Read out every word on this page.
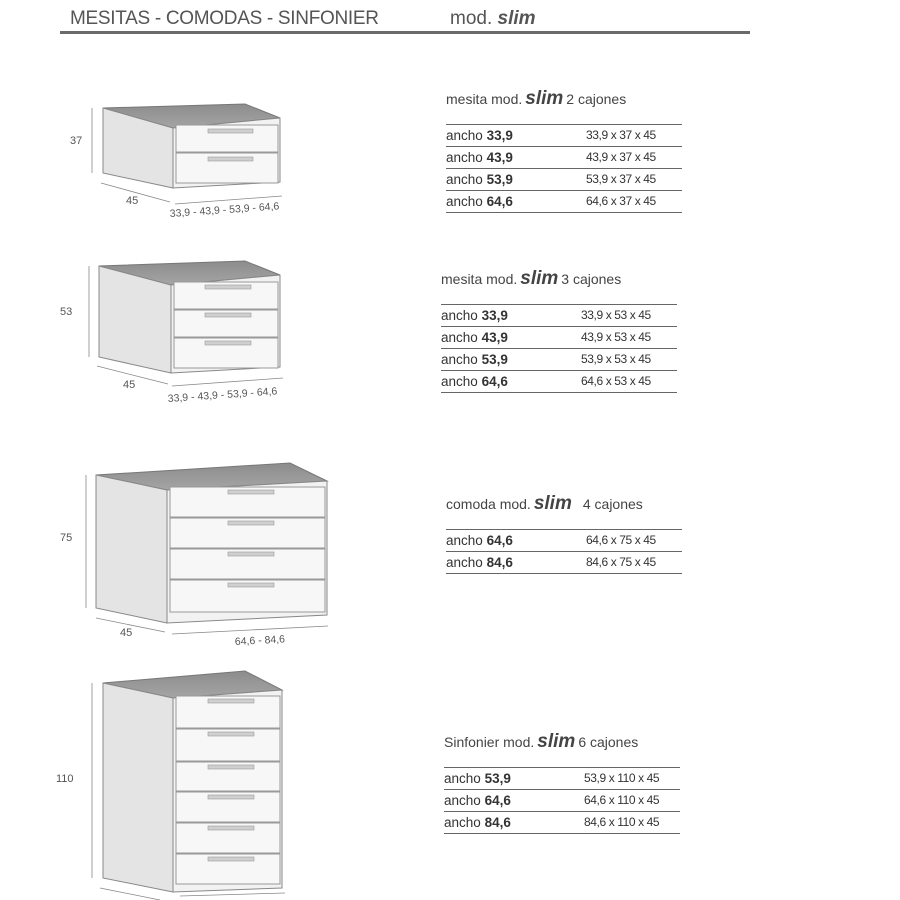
MESITAS - COMODAS - SINFONIER	mod. slim
37
45	33,9 - 43,9 - 53,9 - 64,6
53
45
33,9 - 43,9 - 53,9 - 64,6
75
45
64,6 - 84,6
110
mesita mod. slim 2 cajones
ancho 33,9	33,9 x 37 x 45
ancho 43,9	43,9 x 37 x 45
ancho 53,9	53,9 x 37 x 45
ancho 64,6	64,6 x 37 x 45
mesita mod. slim 3 cajones
ancho 33,9	33,9 x 53 x 45
ancho 43,9	43,9 x 53 x 45
ancho 53,9	53,9 x 53 x 45
ancho 64,6	64,6 x 53 x 45
comoda mod. slim 4 cajones
ancho 64,6	64,6 x 75 x 45
ancho 84,6	84,6 x 75 x 45
Sinfonier mod. slim 6 cajones
ancho 53,9	53,9 x 110 x 45
ancho 64,6	64,6 x 110 x 45
ancho 84,6	84,6 x 110 x 45
